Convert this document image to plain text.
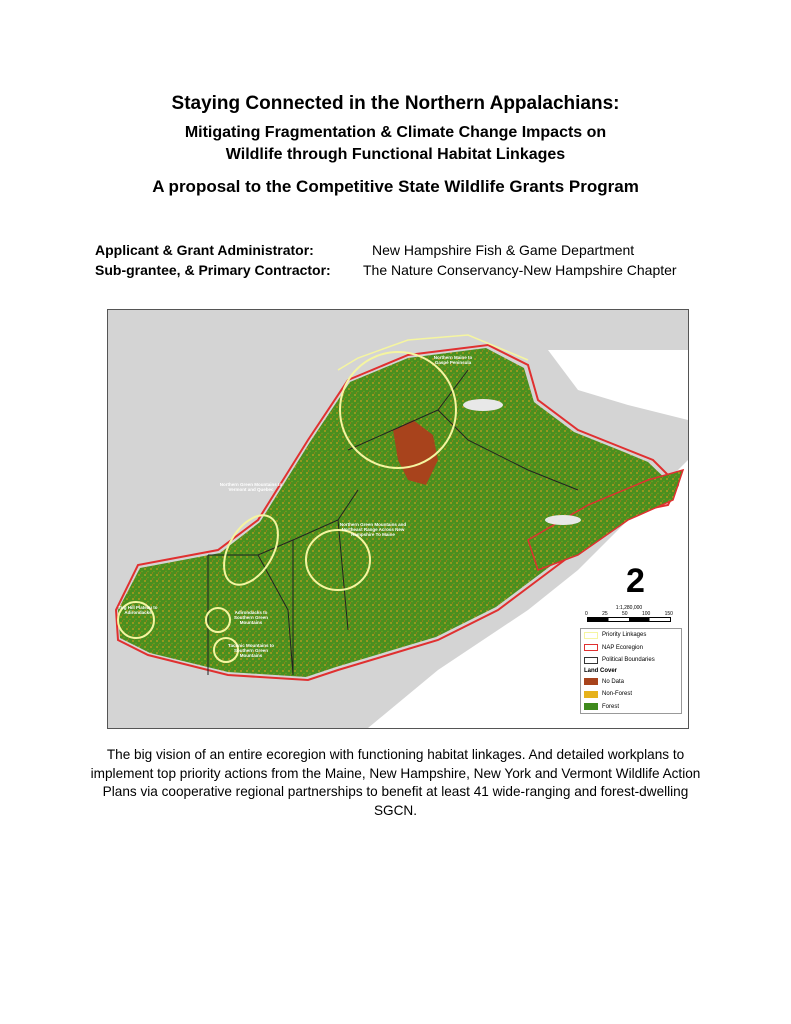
Staying Connected in the Northern Appalachians:
Mitigating Fragmentation & Climate Change Impacts on
Wildlife through Functional Habitat Linkages
A proposal to the Competitive State Wildlife Grants Program
Applicant & Grant Administrator:	New Hampshire Fish & Game Department
Sub-grantee, & Primary Contractor: The Nature Conservancy-New Hampshire Chapter
Northern Maine to Gaspé Peninsula
Northern Green Mountains to Vermont and Quebec
Northern Green Mountains and Northeast Range Across New Hampshire To Maine
Tug Hill Plateau to Adirondacks	Adirondacks to Southern Green Mountains
Taconic Mountains to Southern Green Mountains
2
1:1,280,000
0	25	50	100	150
Priority Linkages
NAP Ecoregion
Political Boundaries
Land Cover
No Data
Non-Forest
Forest
The big vision of an entire ecoregion with functioning habitat linkages. And detailed workplans to implement top priority actions from the Maine, New Hampshire, New York and Vermont Wildlife Action Plans via cooperative regional partnerships to benefit at least 41 wide-ranging and forest-dwelling SGCN.
